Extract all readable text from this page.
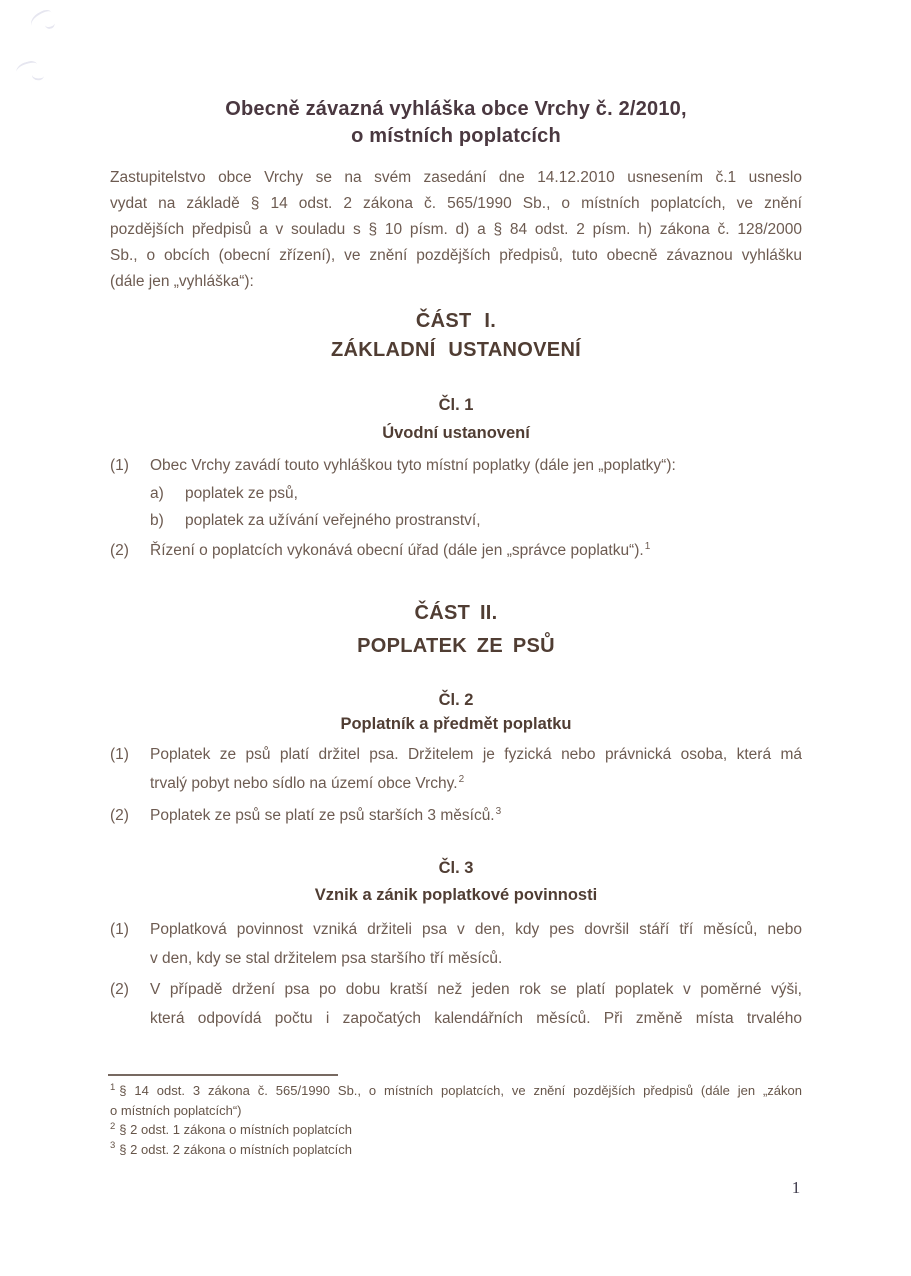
Obecně závazná vyhláška obce Vrchy č. 2/2010,
o místních poplatcích
Zastupitelstvo obce Vrchy se na svém zasedání dne 14.12.2010 usnesením č.1 usneslo
vydat na základě § 14 odst. 2 zákona č. 565/1990 Sb., o místních poplatcích, ve znění
pozdějších předpisů a v souladu s § 10 písm. d) a § 84 odst. 2 písm. h) zákona č. 128/2000
Sb., o obcích (obecní zřízení), ve znění pozdějších předpisů, tuto obecně závaznou vyhlášku
(dále jen „vyhláška“):
ČÁST I.
ZÁKLADNÍ USTANOVENÍ
Čl. 1
Úvodní ustanovení
(1)	Obec Vrchy zavádí touto vyhláškou tyto místní poplatky (dále jen „poplatky“):
a)	poplatek ze psů,
b)	poplatek za užívání veřejného prostranství,
(2)	Řízení o poplatcích vykonává obecní úřad (dále jen „správce poplatku“).$^1$
ČÁST II.
POPLATEK ZE PSŮ
Čl. 2
Poplatník a předmět poplatku
(1)	Poplatek ze psů platí držitel psa. Držitelem je fyzická nebo právnická osoba, která má
trvalý pobyt nebo sídlo na území obce Vrchy.$^2$
(2)	Poplatek ze psů se platí ze psů starších 3 měsíců.$^3$
Čl. 3
Vznik a zánik poplatkové povinnosti
(1)	Poplatková povinnost vzniká držiteli psa v den, kdy pes dovršil stáří tří měsíců, nebo
v den, kdy se stal držitelem psa staršího tří měsíců.
(2)	V případě držení psa po dobu kratší než jeden rok se platí poplatek v poměrné výši,
která odpovídá počtu i započatých kalendářních měsíců. Při změně místa trvalého
$^1$ § 14 odst. 3 zákona č. 565/1990 Sb., o místních poplatcích, ve znění pozdějších předpisů (dále jen „zákon
o místních poplatcích“)
$^2$ § 2 odst. 1 zákona o místních poplatcích
$^3$ § 2 odst. 2 zákona o místních poplatcích
1
